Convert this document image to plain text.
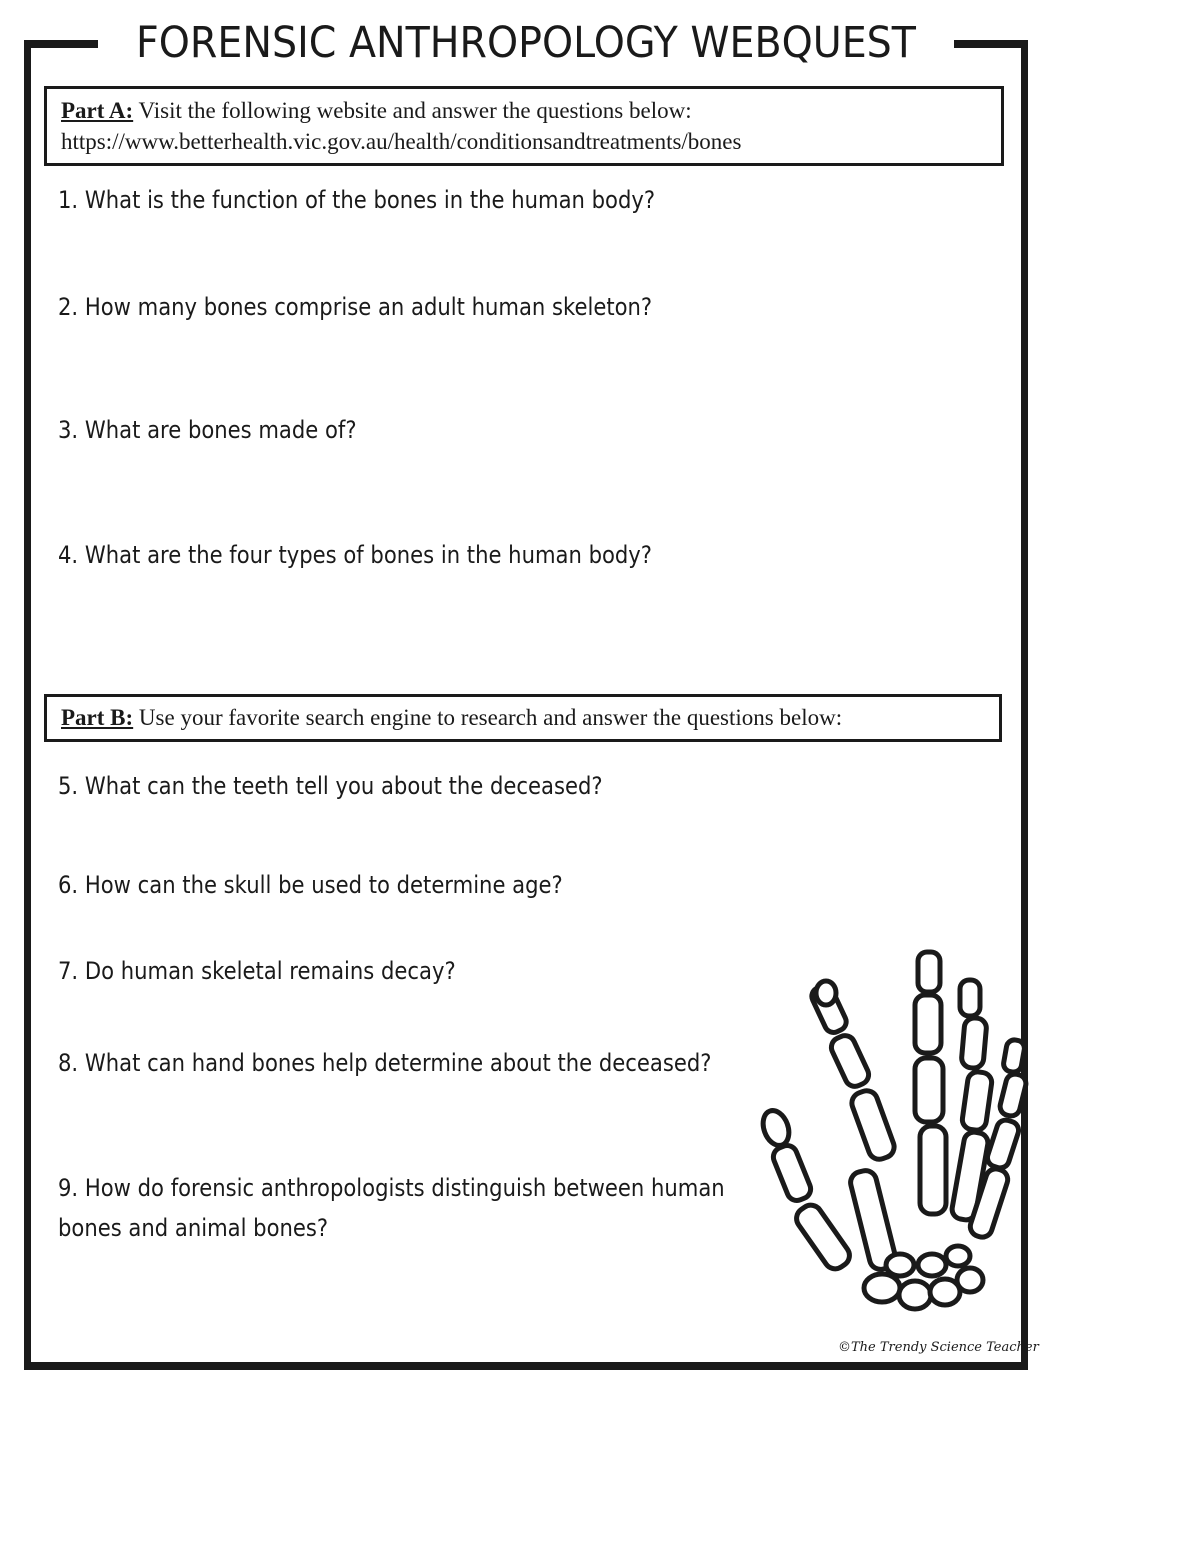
FORENSIC ANTHROPOLOGY WEBQUEST
Part A: Visit the following website and answer the questions below:
https://www.betterhealth.vic.gov.au/health/conditionsandtreatments/bones
1. What is the function of the bones in the human body?
2. How many bones comprise an adult human skeleton?
3. What are bones made of?
4. What are the four types of bones in the human body?
Part B: Use your favorite search engine to research and answer the questions below:
5. What can the teeth tell you about the deceased?
6. How can the skull be used to determine age?
7. Do human skeletal remains decay?
8. What can hand bones help determine about the deceased?
9. How do forensic anthropologists distinguish between human bones and animal bones?
©The Trendy Science Teacher
